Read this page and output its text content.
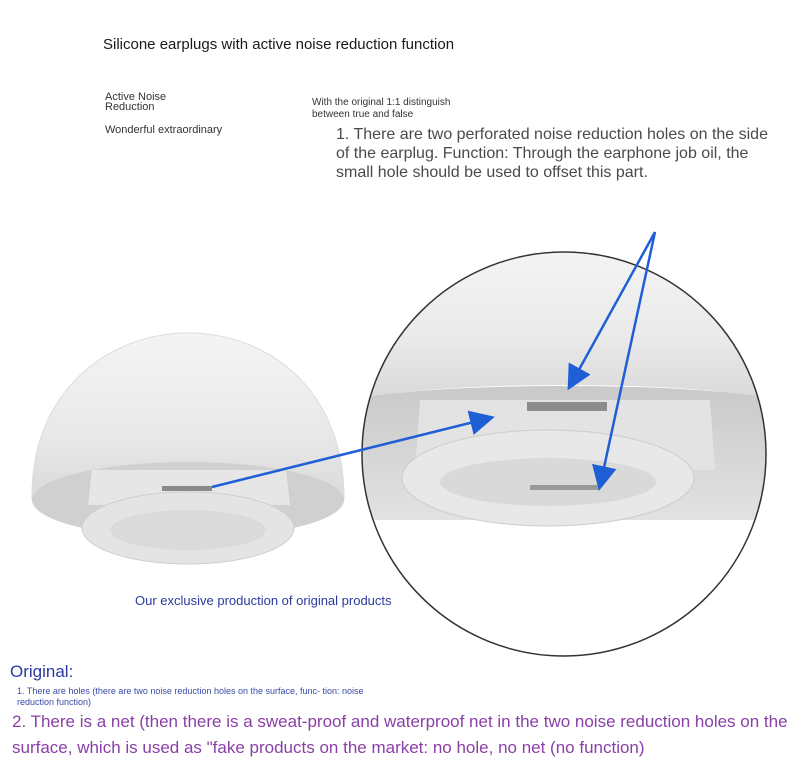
Silicone earplugs with active noise reduction function
Active Noise Reduction
Wonderful extraordinary
With the original 1:1 distinguish between true and false
1. There are two perforated noise reduction holes on the side of the earplug. Function: Through the earphone job oil, the small hole should be used to offset this part.
Our exclusive production of original products
Original:
1. There are holes (there are two noise reduction holes on the surface, func- tion: noise reduction function)
2. There is a net (then there is a sweat-proof and waterproof net in the two noise reduction holes on the surface, which is used as "fake products on the market: no hole, no net (no function)
